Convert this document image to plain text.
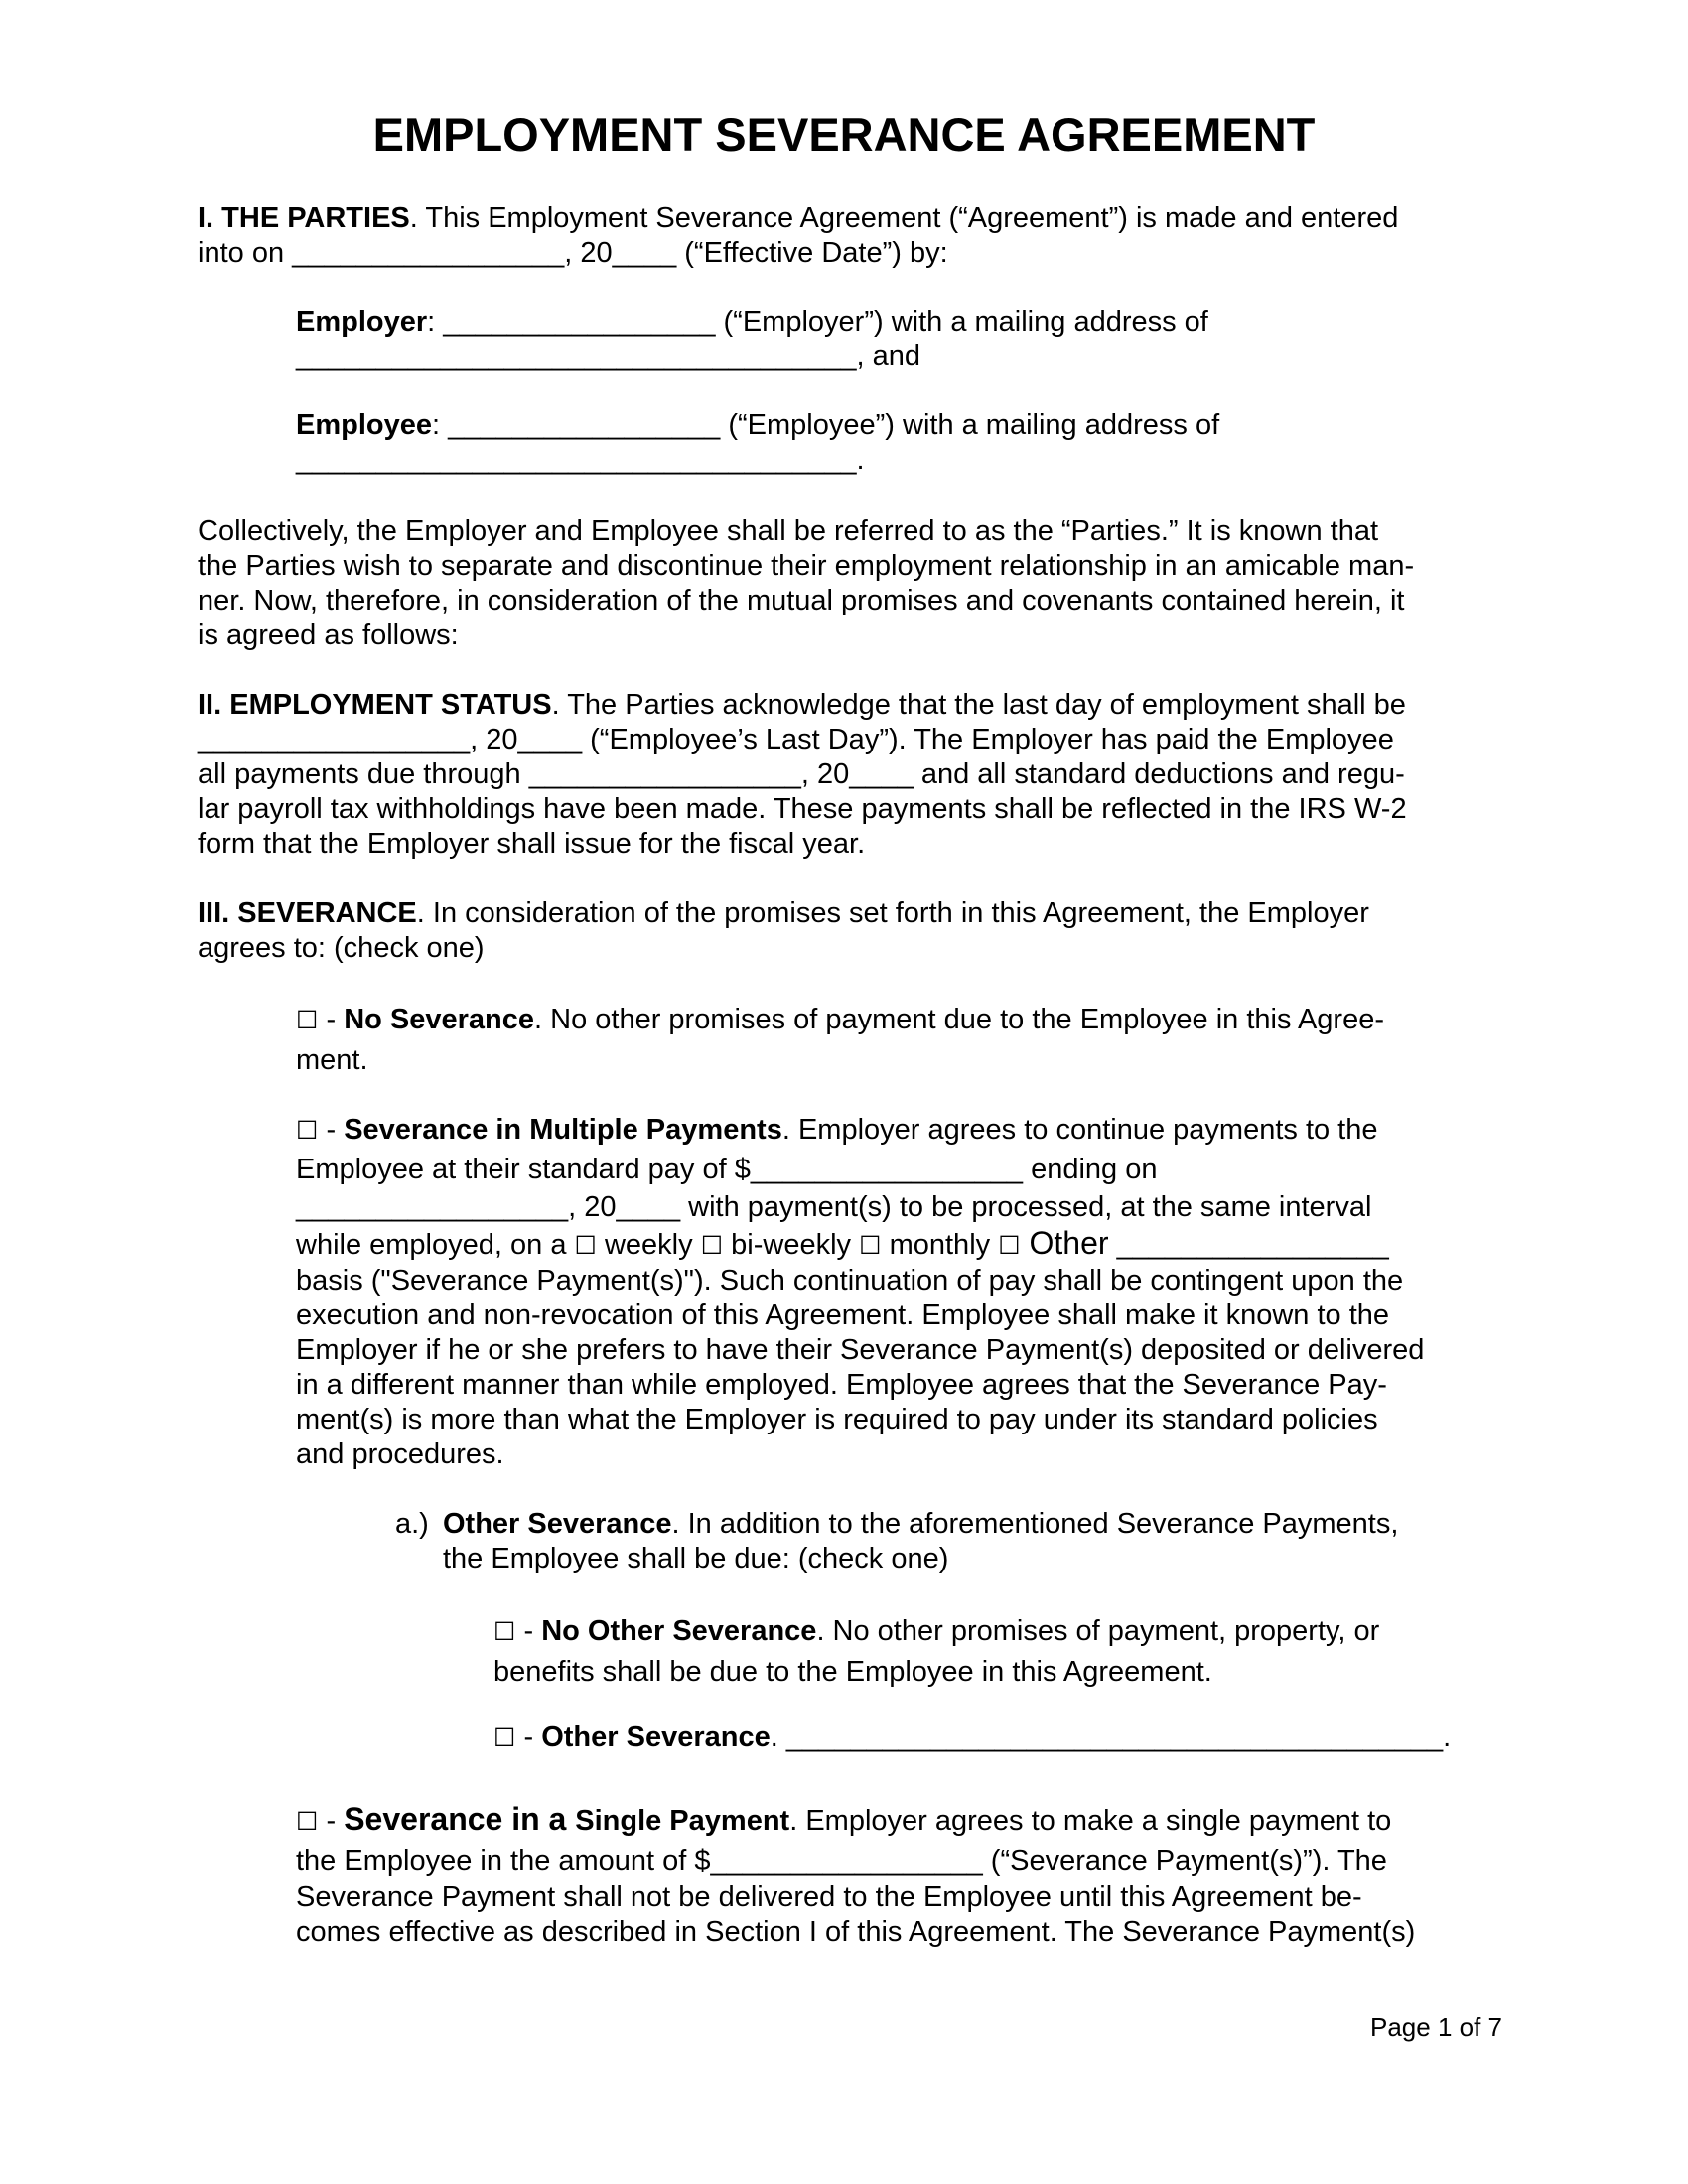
EMPLOYMENT SEVERANCE AGREEMENT
I. THE PARTIES. This Employment Severance Agreement (“Agreement”) is made and entered
into on _________________, 20____ (“Effective Date”) by:
Employer: _________________ (“Employer”) with a mailing address of
___________________________________, and
Employee: _________________ (“Employee”) with a mailing address of
___________________________________.
Collectively, the Employer and Employee shall be referred to as the “Parties.” It is known that
the Parties wish to separate and discontinue their employment relationship in an amicable man-
ner. Now, therefore, in consideration of the mutual promises and covenants contained herein, it
is agreed as follows:
II. EMPLOYMENT STATUS. The Parties acknowledge that the last day of employment shall be
_________________, 20____ (“Employee’s Last Day”). The Employer has paid the Employee
all payments due through _________________, 20____ and all standard deductions and regu-
lar payroll tax withholdings have been made. These payments shall be reflected in the IRS W-2
form that the Employer shall issue for the fiscal year.
III. SEVERANCE. In consideration of the promises set forth in this Agreement, the Employer
agrees to: (check one)
☐ - No Severance. No other promises of payment due to the Employee in this Agree-
ment.
☐ - Severance in Multiple Payments. Employer agrees to continue payments to the
Employee at their standard pay of $_________________ ending on
_________________, 20____ with payment(s) to be processed, at the same interval
while employed, on a ☐ weekly ☐ bi-weekly ☐ monthly ☐ Other _________________
basis ("Severance Payment(s)"). Such continuation of pay shall be contingent upon the
execution and non-revocation of this Agreement. Employee shall make it known to the
Employer if he or she prefers to have their Severance Payment(s) deposited or delivered
in a different manner than while employed. Employee agrees that the Severance Pay-
ment(s) is more than what the Employer is required to pay under its standard policies
and procedures.

a.) Other Severance. In addition to the aforementioned Severance Payments,
the Employee shall be due: (check one)
☐ - No Other Severance. No other promises of payment, property, or
benefits shall be due to the Employee in this Agreement.
☐ - Other Severance. _________________________________________.
☐ - Severance in a Single Payment. Employer agrees to make a single payment to
the Employee in the amount of $_________________ (“Severance Payment(s)”). The
Severance Payment shall not be delivered to the Employee until this Agreement be-
comes effective as described in Section I of this Agreement. The Severance Payment(s)

Page 1 of 7
